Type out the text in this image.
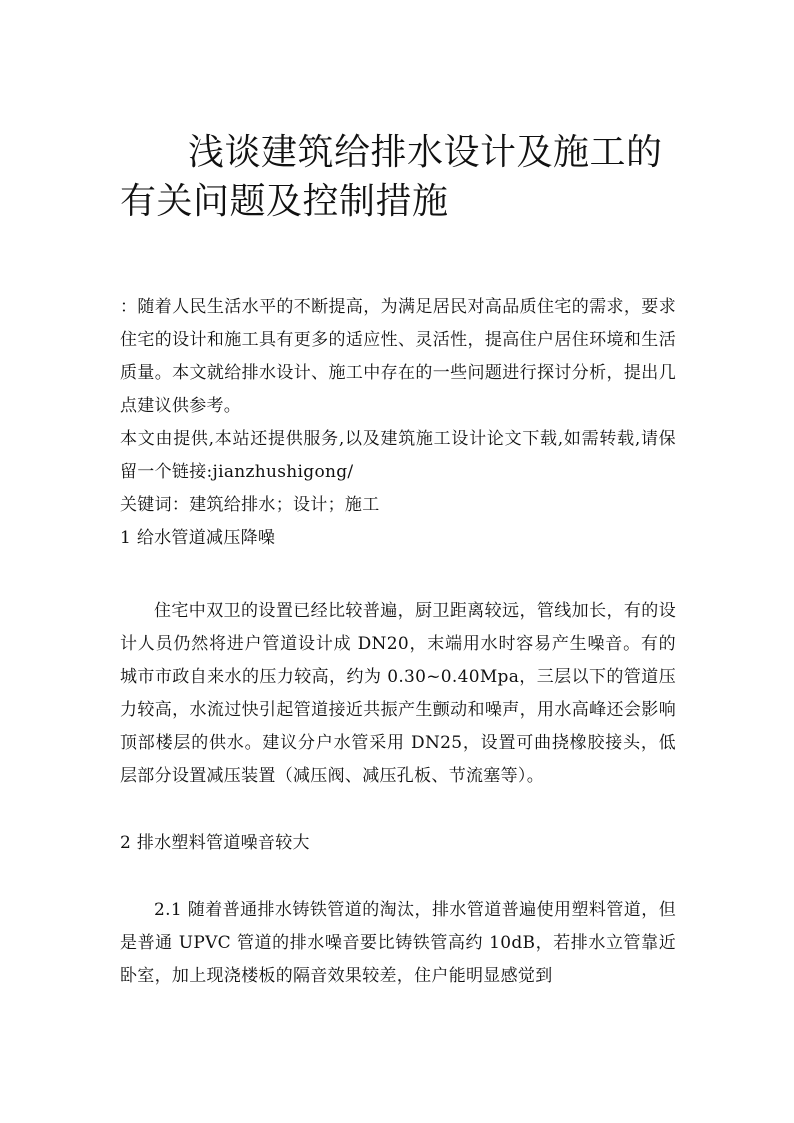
浅谈建筑给排水设计及施工的有关问题及控制措施

：随着人民生活水平的不断提高，为满足居民对高品质住宅的需求，要求住宅的设计和施工具有更多的适应性、灵活性，提高住户居住环境和生活质量。本文就给排水设计、施工中存在的一些问题进行探讨分析，提出几点建议供参考。

本文由提供,本站还提供服务,以及建筑施工设计论文下载,如需转载,请保留一个链接:jianzhushigong/

关键词：建筑给排水；设计；施工

1 给水管道减压降噪

住宅中双卫的设置已经比较普遍，厨卫距离较远，管线加长，有的设计人员仍然将进户管道设计成 DN20，末端用水时容易产生噪音。有的城市市政自来水的压力较高，约为 0.30~0.40Mpa，三层以下的管道压力较高，水流过快引起管道接近共振产生颤动和噪声，用水高峰还会影响顶部楼层的供水。建议分户水管采用 DN25，设置可曲挠橡胶接头，低层部分设置减压装置（减压阀、减压孔板、节流塞等）。

2 排水塑料管道噪音较大

2.1 随着普通排水铸铁管道的淘汰，排水管道普遍使用塑料管道，但是普通 UPVC 管道的排水噪音要比铸铁管高约 10dB，若排水立管靠近卧室，加上现浇楼板的隔音效果较差，住户能明显感觉到
